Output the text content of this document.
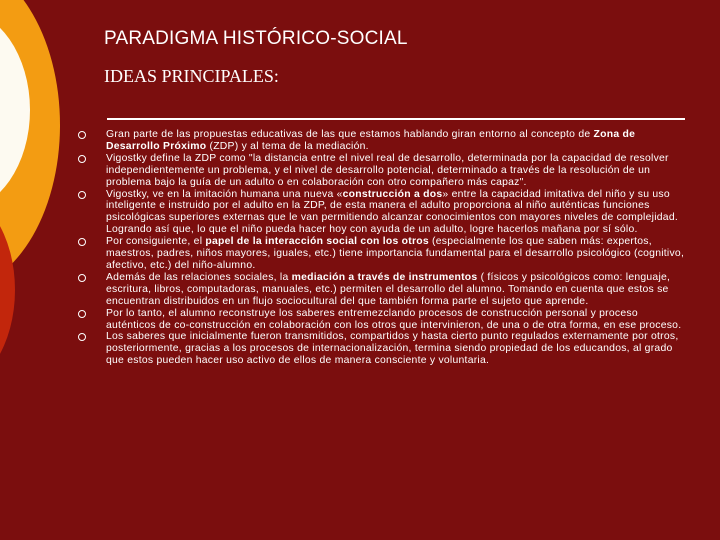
PARADIGMA HISTÓRICO-SOCIAL
IDEAS PRINCIPALES:
Gran parte de las propuestas educativas de las que estamos hablando giran entorno al concepto de Zona de Desarrollo Próximo (ZDP) y al tema de la mediación.
Vigostky define la ZDP como "la distancia entre el nivel real de desarrollo, determinada por la capacidad de resolver independientemente un problema, y el nivel de desarrollo potencial, determinado a través de la resolución de un problema bajo la guía de un adulto o en colaboración con otro compañero más capaz".
Vigostky, ve en la imitación humana una nueva «construcción a dos» entre la capacidad imitativa del niño y su uso inteligente e instruido por el adulto en la ZDP, de esta manera el adulto proporciona al niño auténticas funciones psicológicas superiores externas que le van permitiendo alcanzar conocimientos con mayores niveles de complejidad. Logrando así que, lo que el niño pueda hacer hoy con ayuda de un adulto, logre hacerlos mañana por sí sólo.
Por consiguiente, el papel de la interacción social con los otros (especialmente los que saben más: expertos, maestros, padres, niños mayores, iguales, etc.) tiene importancia fundamental para el desarrollo psicológico (cognitivo, afectivo, etc.) del niño-alumno.
Además de las relaciones sociales, la mediación a través de instrumentos ( físicos y psicológicos como: lenguaje, escritura, libros, computadoras, manuales, etc.) permiten el desarrollo del alumno. Tomando en cuenta que estos se encuentran distribuidos en un flujo sociocultural del que también forma parte el sujeto que aprende.
Por lo tanto, el alumno reconstruye los saberes entremezclando procesos de construcción personal y proceso auténticos de co-construcción en colaboración con los otros que intervinieron, de una o de otra forma, en ese proceso.
Los saberes que inicialmente fueron transmitidos, compartidos y hasta cierto punto regulados externamente por otros, posteriormente, gracias a los procesos de internacionalización, termina siendo propiedad de los educandos, al grado que estos pueden hacer uso activo de ellos de manera consciente y voluntaria.
